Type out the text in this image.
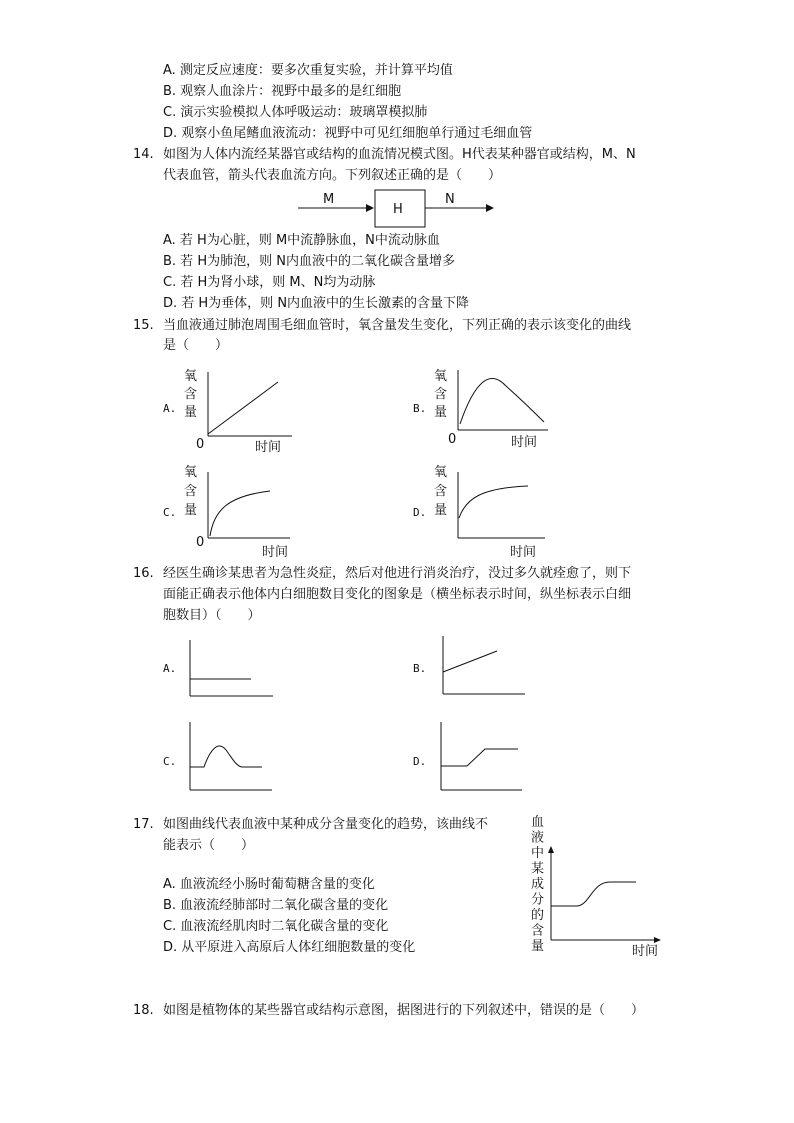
A. 测定反应速度：要多次重复实验，并计算平均值
B. 观察人血涂片：视野中最多的是红细胞
C. 演示实验模拟人体呼吸运动：玻璃罩模拟肺
D. 观察小鱼尾鳍血液流动：视野中可见红细胞单行通过毛细血管
14. 如图为人体内流经某器官或结构的血流情况模式图。H代表某种器官或结构，M、N
代表血管，箭头代表血流方向。下列叙述正确的是（　　）
M
H
N
A. 若 H为心脏，则 M中流静脉血，N中流动脉血
B. 若 H为肺泡，则 N内血液中的二氧化碳含量增多
C. 若 H为肾小球，则 M、N均为动脉
D. 若 H为垂体，则 N内血液中的生长激素的含量下降
15. 当血液通过肺泡周围毛细血管时，氧含量发生变化，下列正确的表示该变化的曲线
是（　　）
A.
氧
含
量
0	时间
B.
氧
含
量
0	时间
C.
氧
含
量
0
时间
D.
氧
含
量
时间
16. 经医生确诊某患者为急性炎症，然后对他进行消炎治疗，没过多久就痊愈了，则下
面能正确表示他体内白细胞数目变化的图象是（横坐标表示时间，纵坐标表示白细
胞数目）（　　）
A.	B.
C.	D.
17. 如图曲线代表血液中某种成分含量变化的趋势，该曲线不
能表示（　　）
A. 血液流经小肠时葡萄糖含量的变化
B. 血液流经肺部时二氧化碳含量的变化
C. 血液流经肌肉时二氧化碳含量的变化
D. 从平原进入高原后人体红细胞数量的变化
血
液
中
某
成
分
的
含
量	时间
18. 如图是植物体的某些器官或结构示意图，据图进行的下列叙述中，错误的是（　　）
